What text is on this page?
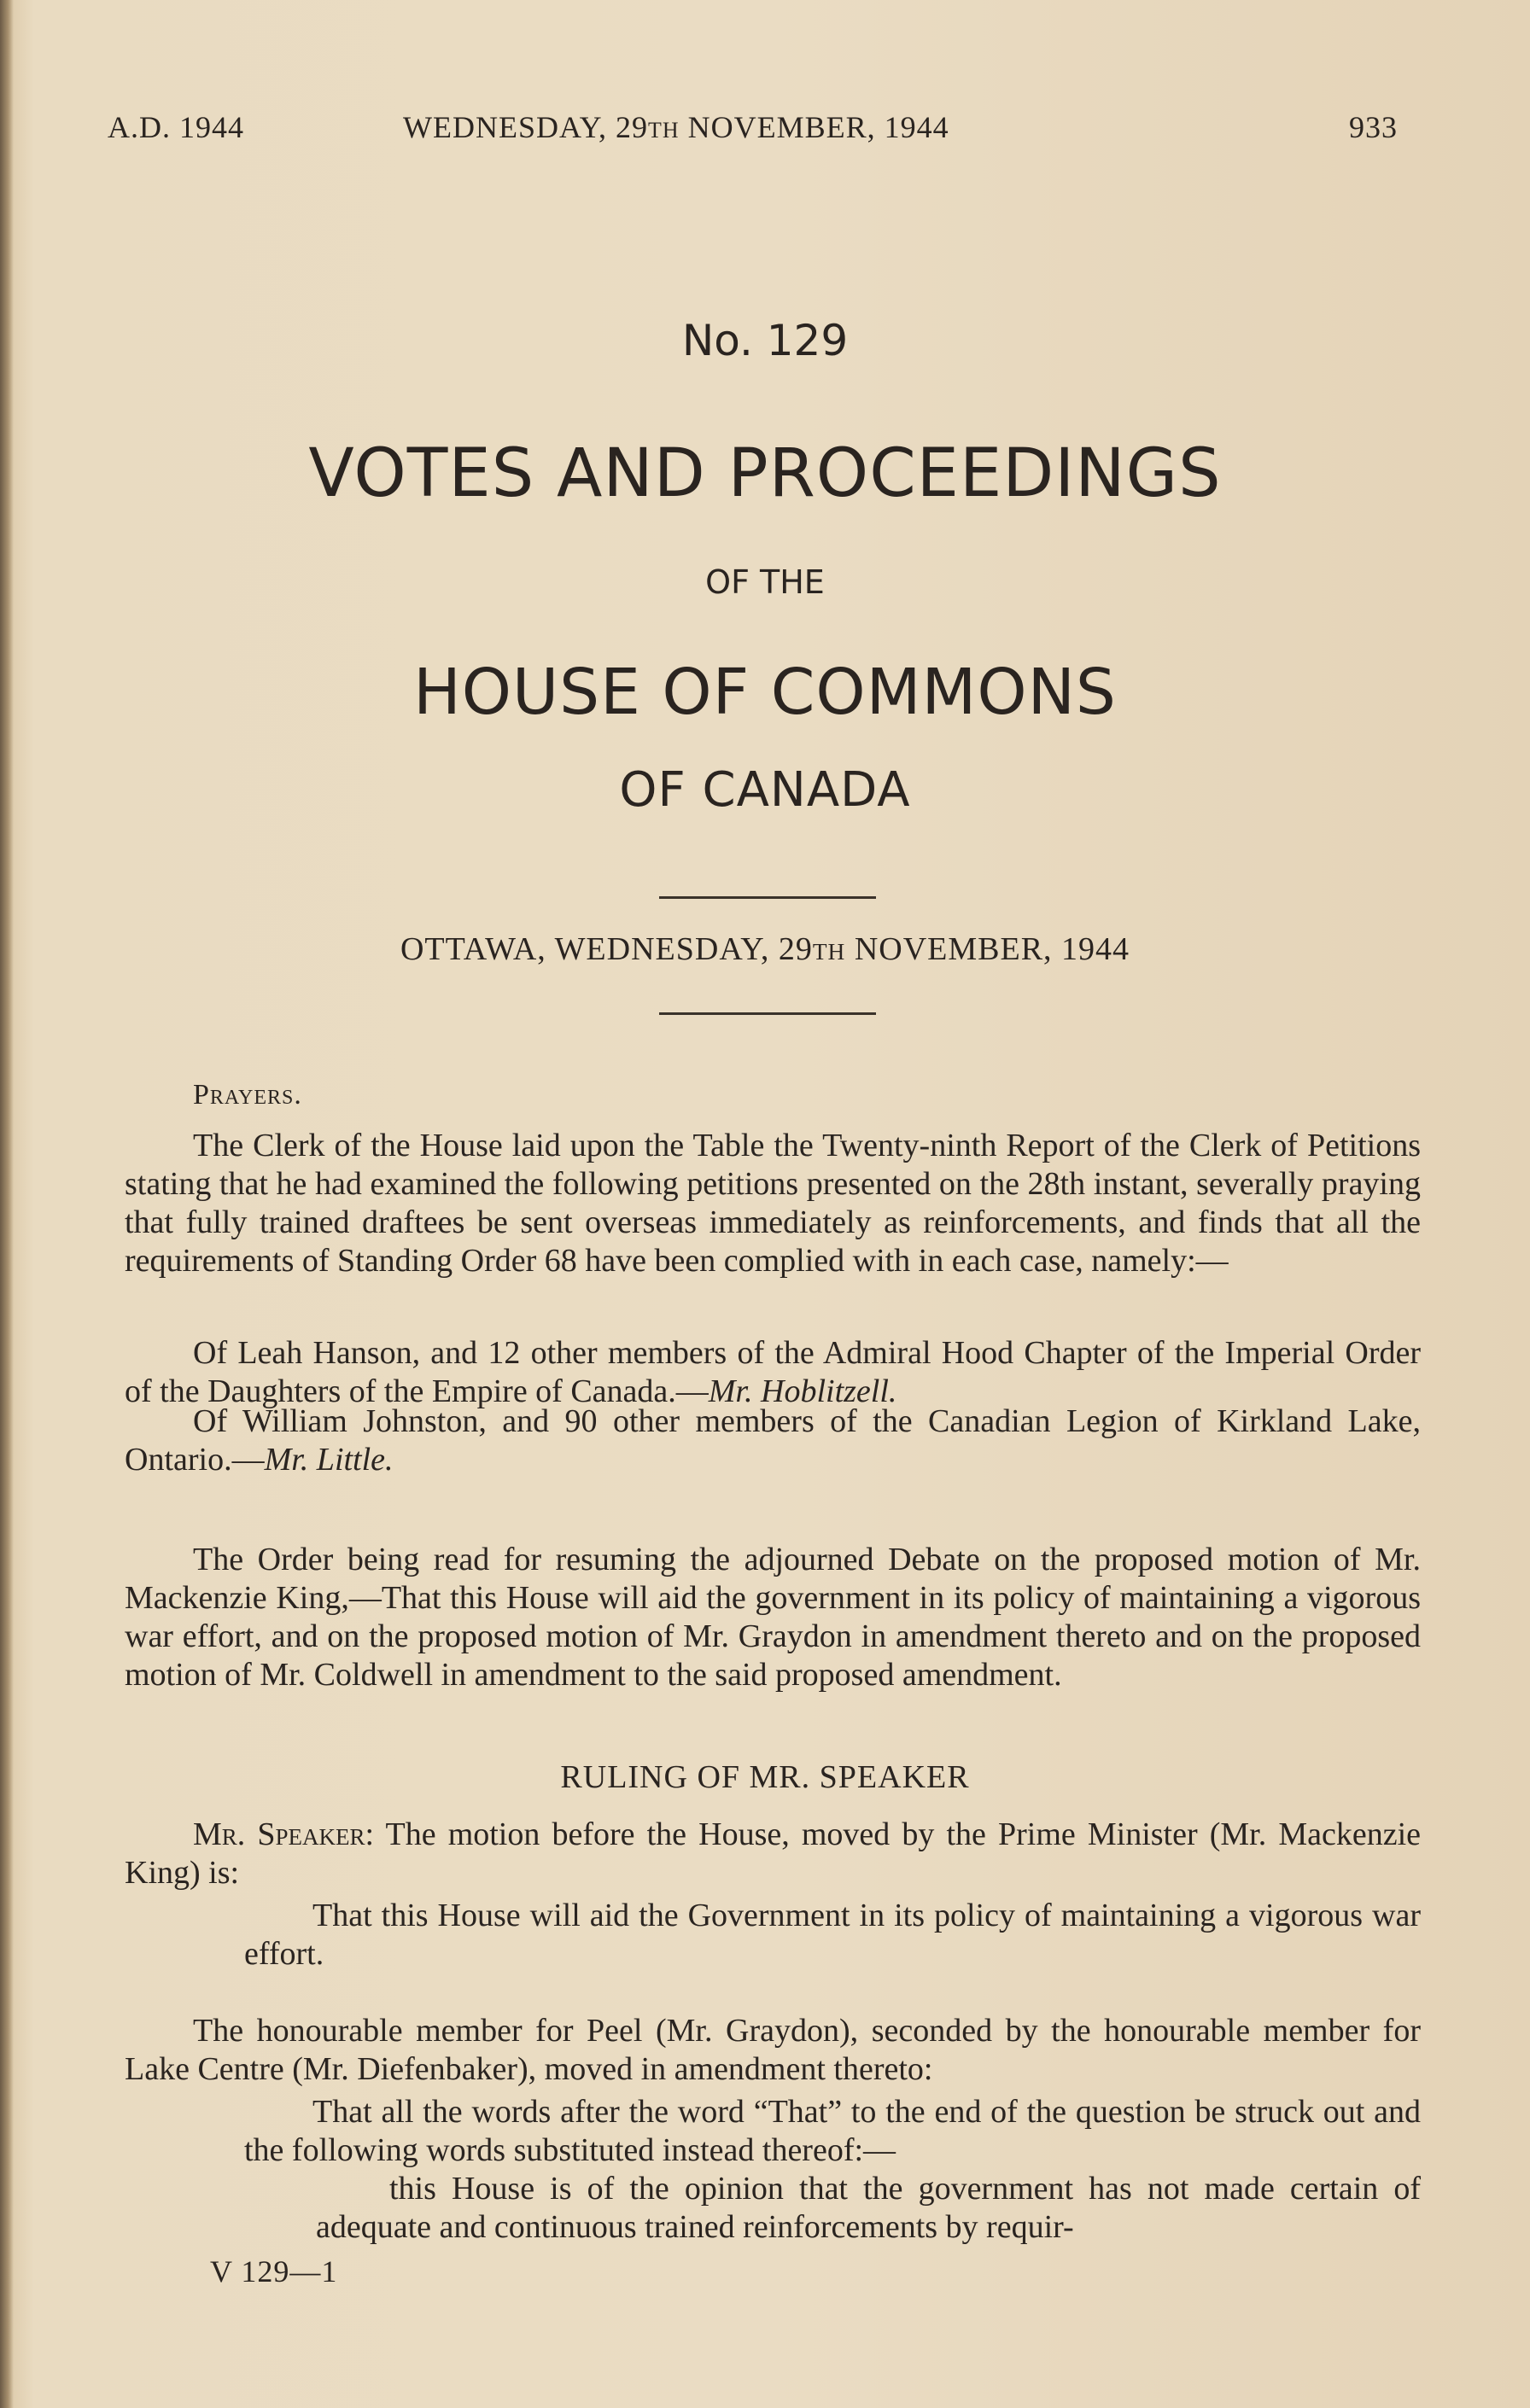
A.D. 1944	WEDNESDAY, 29TH NOVEMBER, 1944	933
No. 129
VOTES AND PROCEEDINGS
OF THE
HOUSE OF COMMONS
OF CANADA
OTTAWA, WEDNESDAY, 29TH NOVEMBER, 1944
Prayers.
The Clerk of the House laid upon the Table the Twenty-ninth Report of the Clerk of Petitions stating that he had examined the following petitions presented on the 28th instant, severally praying that fully trained draftees be sent overseas immediately as reinforcements, and finds that all the requirements of Standing Order 68 have been complied with in each case, namely:—
Of Leah Hanson, and 12 other members of the Admiral Hood Chapter of the Imperial Order of the Daughters of the Empire of Canada.—Mr. Hoblitzell.
Of William Johnston, and 90 other members of the Canadian Legion of Kirkland Lake, Ontario.—Mr. Little.
The Order being read for resuming the adjourned Debate on the proposed motion of Mr. Mackenzie King,—That this House will aid the government in its policy of maintaining a vigorous war effort, and on the proposed motion of Mr. Graydon in amendment thereto and on the proposed motion of Mr. Coldwell in amendment to the said proposed amendment.
RULING OF MR. SPEAKER
Mr. Speaker: The motion before the House, moved by the Prime Minister (Mr. Mackenzie King) is:
That this House will aid the Government in its policy of maintaining a vigorous war effort.
The honourable member for Peel (Mr. Graydon), seconded by the honourable member for Lake Centre (Mr. Diefenbaker), moved in amendment thereto:
That all the words after the word “That” to the end of the question be struck out and the following words substituted instead thereof:—
this House is of the opinion that the government has not made certain of adequate and continuous trained reinforcements by requir-
V 129—1
